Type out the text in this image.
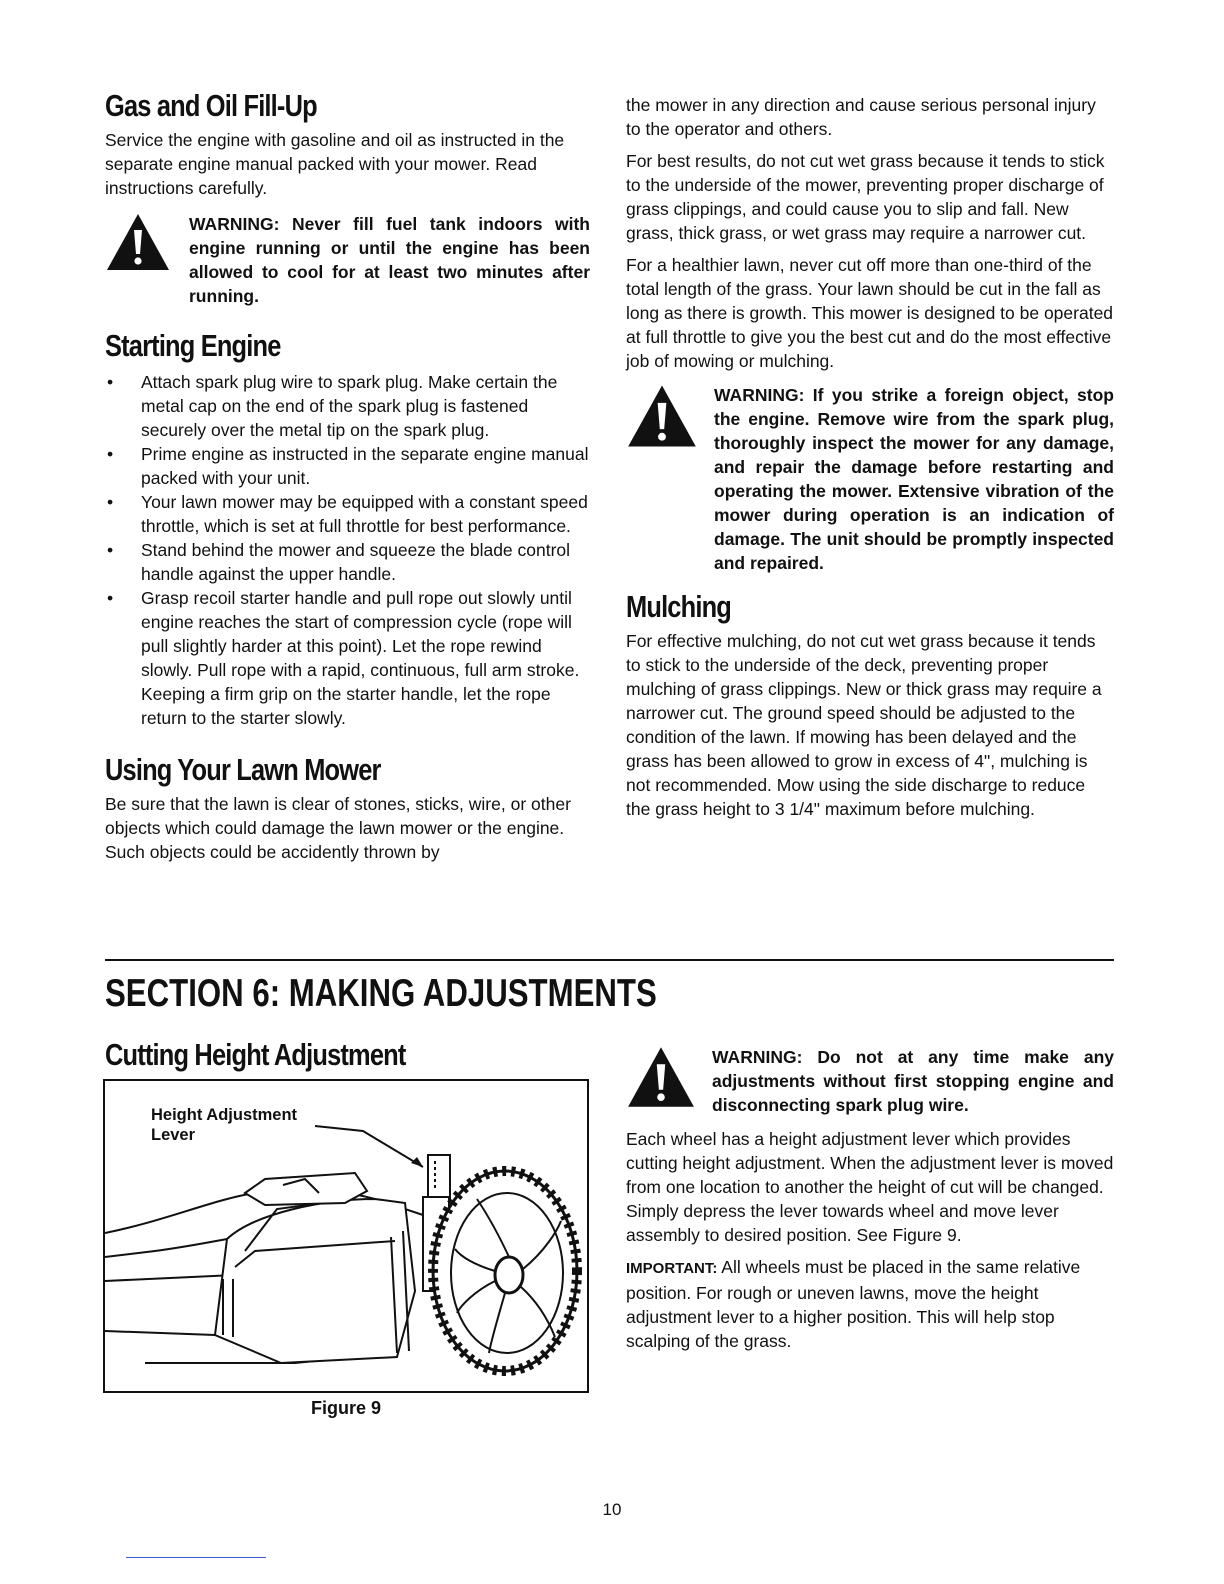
Gas and Oil Fill-Up

Service the engine with gasoline and oil as instructed in the separate engine manual packed with your mower. Read instructions carefully.

WARNING: Never fill fuel tank indoors with engine running or until the engine has been allowed to cool for at least two minutes after running.
Starting Engine
• Attach spark plug wire to spark plug. Make certain the metal cap on the end of the spark plug is fastened securely over the metal tip on the spark plug.
• Prime engine as instructed in the separate engine manual packed with your unit.
• Your lawn mower may be equipped with a constant speed throttle, which is set at full throttle for best performance.
• Stand behind the mower and squeeze the blade control handle against the upper handle.
• Grasp recoil starter handle and pull rope out slowly until engine reaches the start of compression cycle (rope will pull slightly harder at this point). Let the rope rewind slowly. Pull rope with a rapid, continuous, full arm stroke. Keeping a firm grip on the starter handle, let the rope return to the starter slowly.
Using Your Lawn Mower

Be sure that the lawn is clear of stones, sticks, wire, or other objects which could damage the lawn mower or the engine. Such objects could be accidently thrown by

the mower in any direction and cause serious personal injury to the operator and others.

For best results, do not cut wet grass because it tends to stick to the underside of the mower, preventing proper discharge of grass clippings, and could cause you to slip and fall. New grass, thick grass, or wet grass may require a narrower cut.

For a healthier lawn, never cut off more than one-third of the total length of the grass. Your lawn should be cut in the fall as long as there is growth. This mower is designed to be operated at full throttle to give you the best cut and do the most effective job of mowing or mulching.

WARNING: If you strike a foreign object, stop the engine. Remove wire from the spark plug, thoroughly inspect the mower for any damage, and repair the damage before restarting and operating the mower. Extensive vibration of the mower during operation is an indication of damage. The unit should be promptly inspected and repaired.
Mulching

For effective mulching, do not cut wet grass because it tends to stick to the underside of the deck, preventing proper mulching of grass clippings. New or thick grass may require a narrower cut. The ground speed should be adjusted to the condition of the lawn. If mowing has been delayed and the grass has been allowed to grow in excess of 4", mulching is not recommended. Mow using the side discharge to reduce the grass height to 3 1/4" maximum before mulching.

SECTION 6: MAKING ADJUSTMENTS
Cutting Height Adjustment
Height Adjustment
Lever
Figure 9
WARNING: Do not at any time make any adjustments without first stopping engine and disconnecting spark plug wire.

Each wheel has a height adjustment lever which provides cutting height adjustment. When the adjustment lever is moved from one location to another the height of cut will be changed. Simply depress the lever towards wheel and move lever assembly to desired position. See Figure 9.

IMPORTANT: All wheels must be placed in the same relative position. For rough or uneven lawns, move the height adjustment lever to a higher position. This will help stop scalping of the grass.

10
